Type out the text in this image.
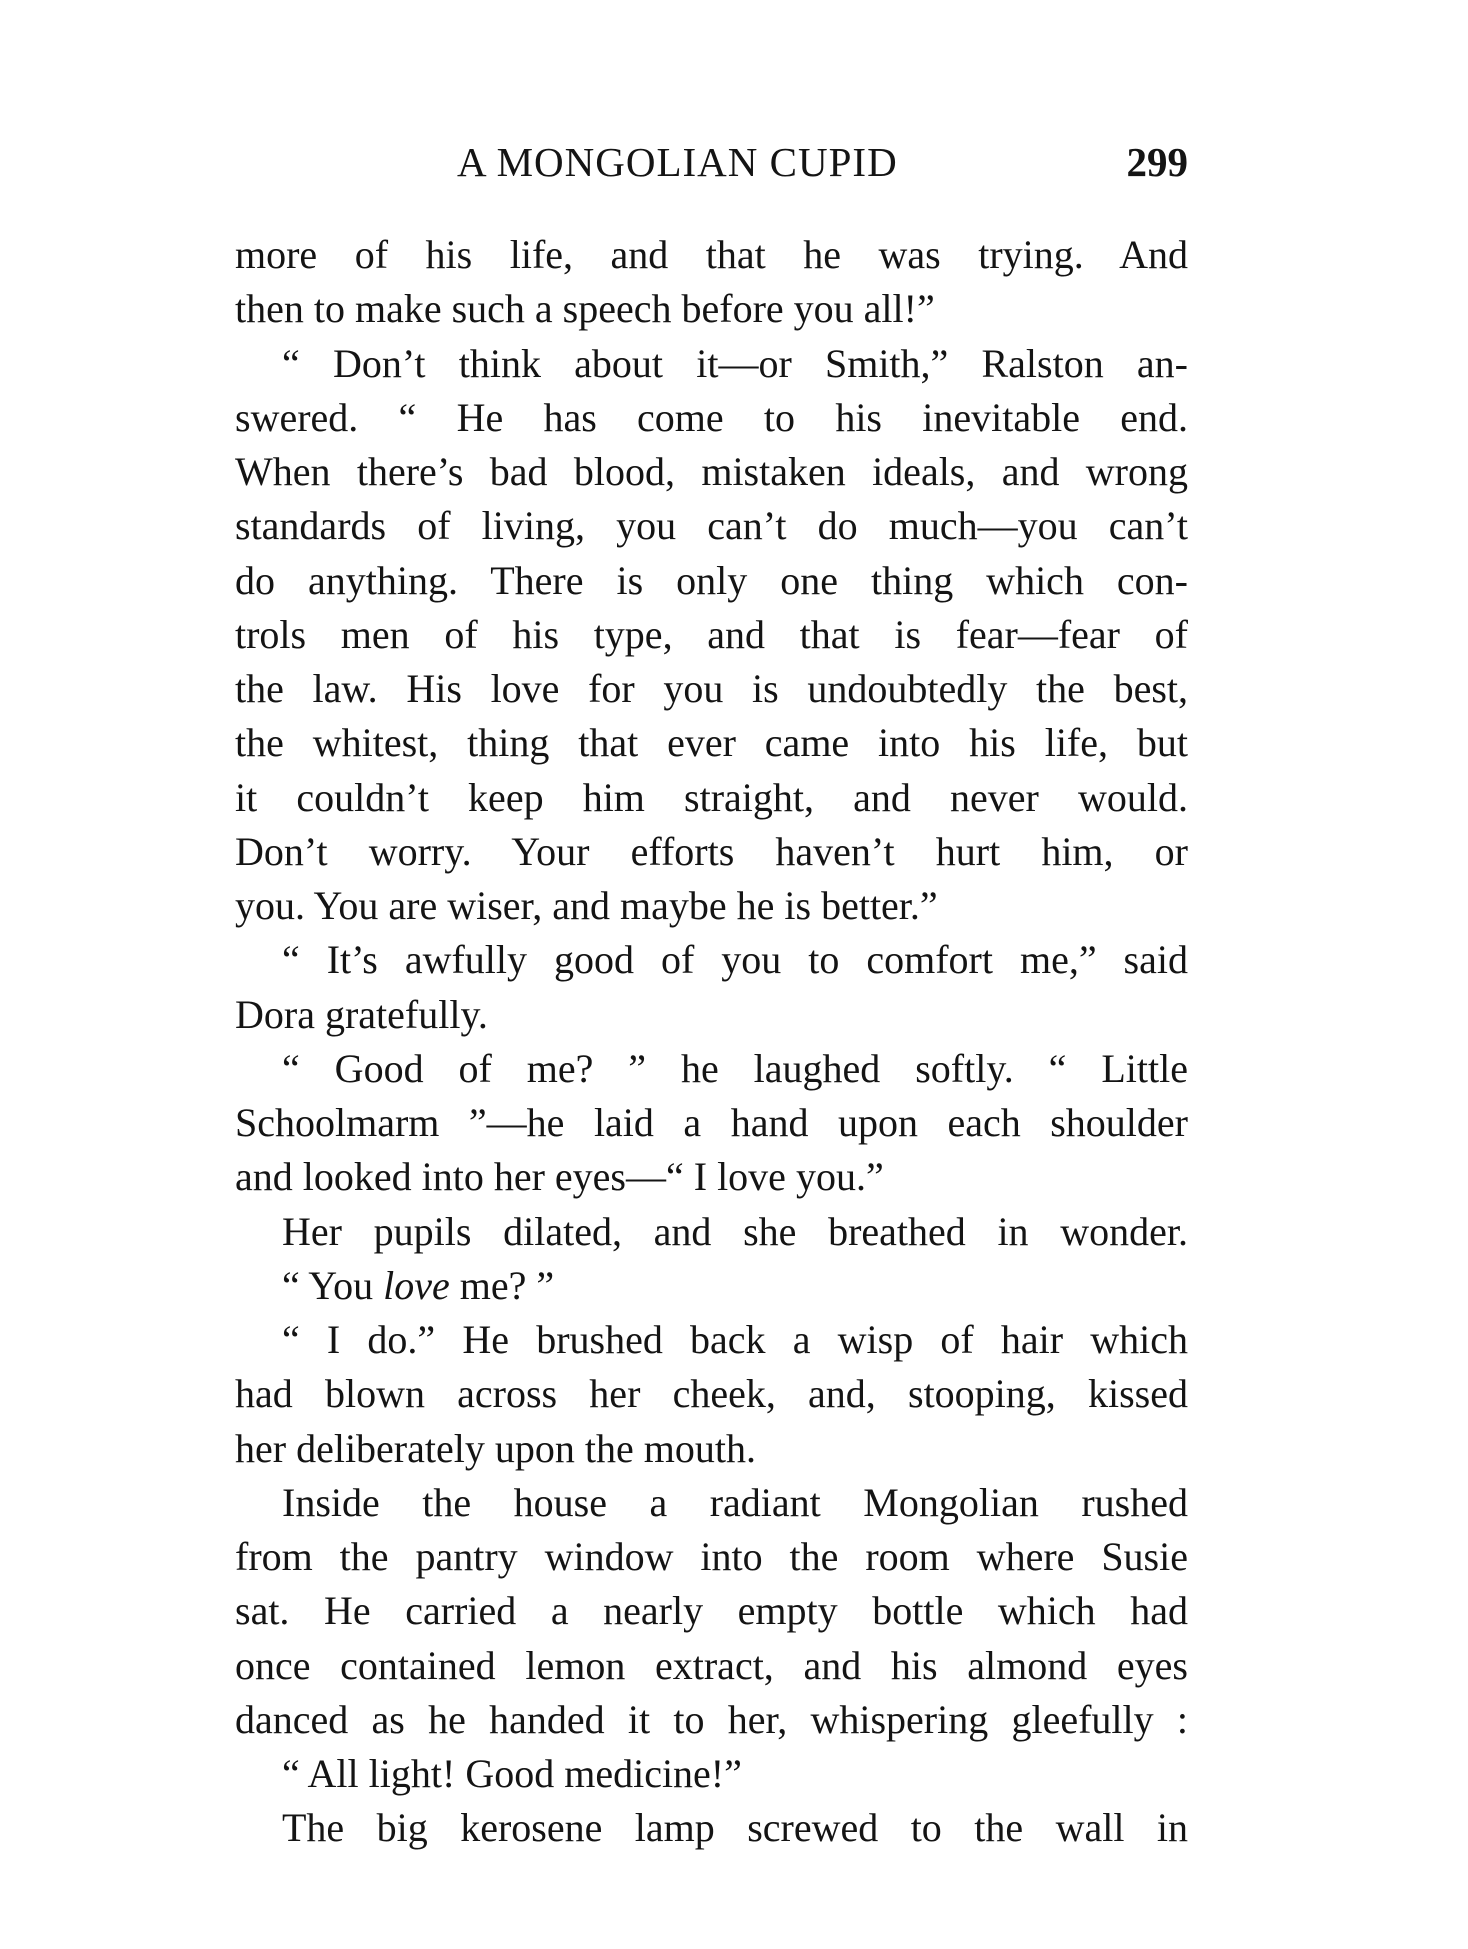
A MONGOLIAN CUPID	299
more of his life, and that he was trying. And
then to make such a speech before you all!”
“ Don’t think about it—or Smith,” Ralston an-
swered. “ He has come to his inevitable end.
When there’s bad blood, mistaken ideals, and wrong
standards of living, you can’t do much—you can’t
do anything. There is only one thing which con-
trols men of his type, and that is fear—fear of
the law. His love for you is undoubtedly the best,
the whitest, thing that ever came into his life, but
it couldn’t keep him straight, and never would.
Don’t worry. Your efforts haven’t hurt him, or
you. You are wiser, and maybe he is better.”
“ It’s awfully good of you to comfort me,” said
Dora gratefully.
“ Good of me? ” he laughed softly. “ Little
Schoolmarm ”—he laid a hand upon each shoulder
and looked into her eyes—“ I love you.”
Her pupils dilated, and she breathed in wonder.
“ You love me? ”
“ I do.” He brushed back a wisp of hair which
had blown across her cheek, and, stooping, kissed
her deliberately upon the mouth.
Inside the house a radiant Mongolian rushed
from the pantry window into the room where Susie
sat. He carried a nearly empty bottle which had
once contained lemon extract, and his almond eyes
danced as he handed it to her, whispering gleefully :
“ All light! Good medicine!”
The big kerosene lamp screwed to the wall in
